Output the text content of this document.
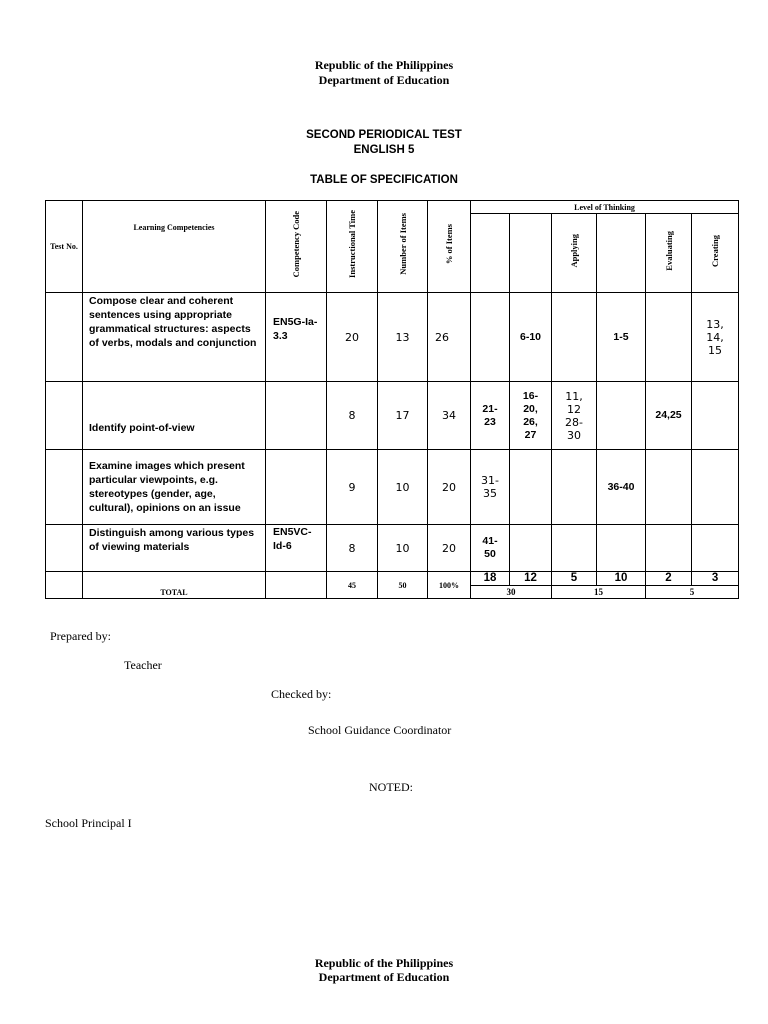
Republic of the Philippines
Department of Education
SECOND PERIODICAL TEST
ENGLISH 5
TABLE OF SPECIFICATION
Test No.	Learning Competencies	Competency Code	Instructional Time	Number of Items	% of Items	Level of Thinking					
								Applying		Evaluating	Creating
	Compose clear and coherent sentences using appropriate grammatical structures: aspects of verbs, modals and conjunction	EN5G-Ia-3.3	20	13	26		6-10		1-5		13, 14, 15
	Identify point-of-view		8	17	34	21-23	16-20, 26, 27	11, 12 28-30		24,25	
	Examine images which present particular viewpoints, e.g. stereotypes (gender, age, cultural), opinions on an issue		9	10	20	31-35			36-40		
	Distinguish among various types of viewing materials	EN5VC-Id-6	8	10	20	41-50					
	TOTAL		45	50	100%	18	12	5	10	2	3
						30		15		5	
Prepared by:
Teacher
Checked by:
School Guidance Coordinator
NOTED:
School Principal I
Republic of the Philippines
Department of Education
